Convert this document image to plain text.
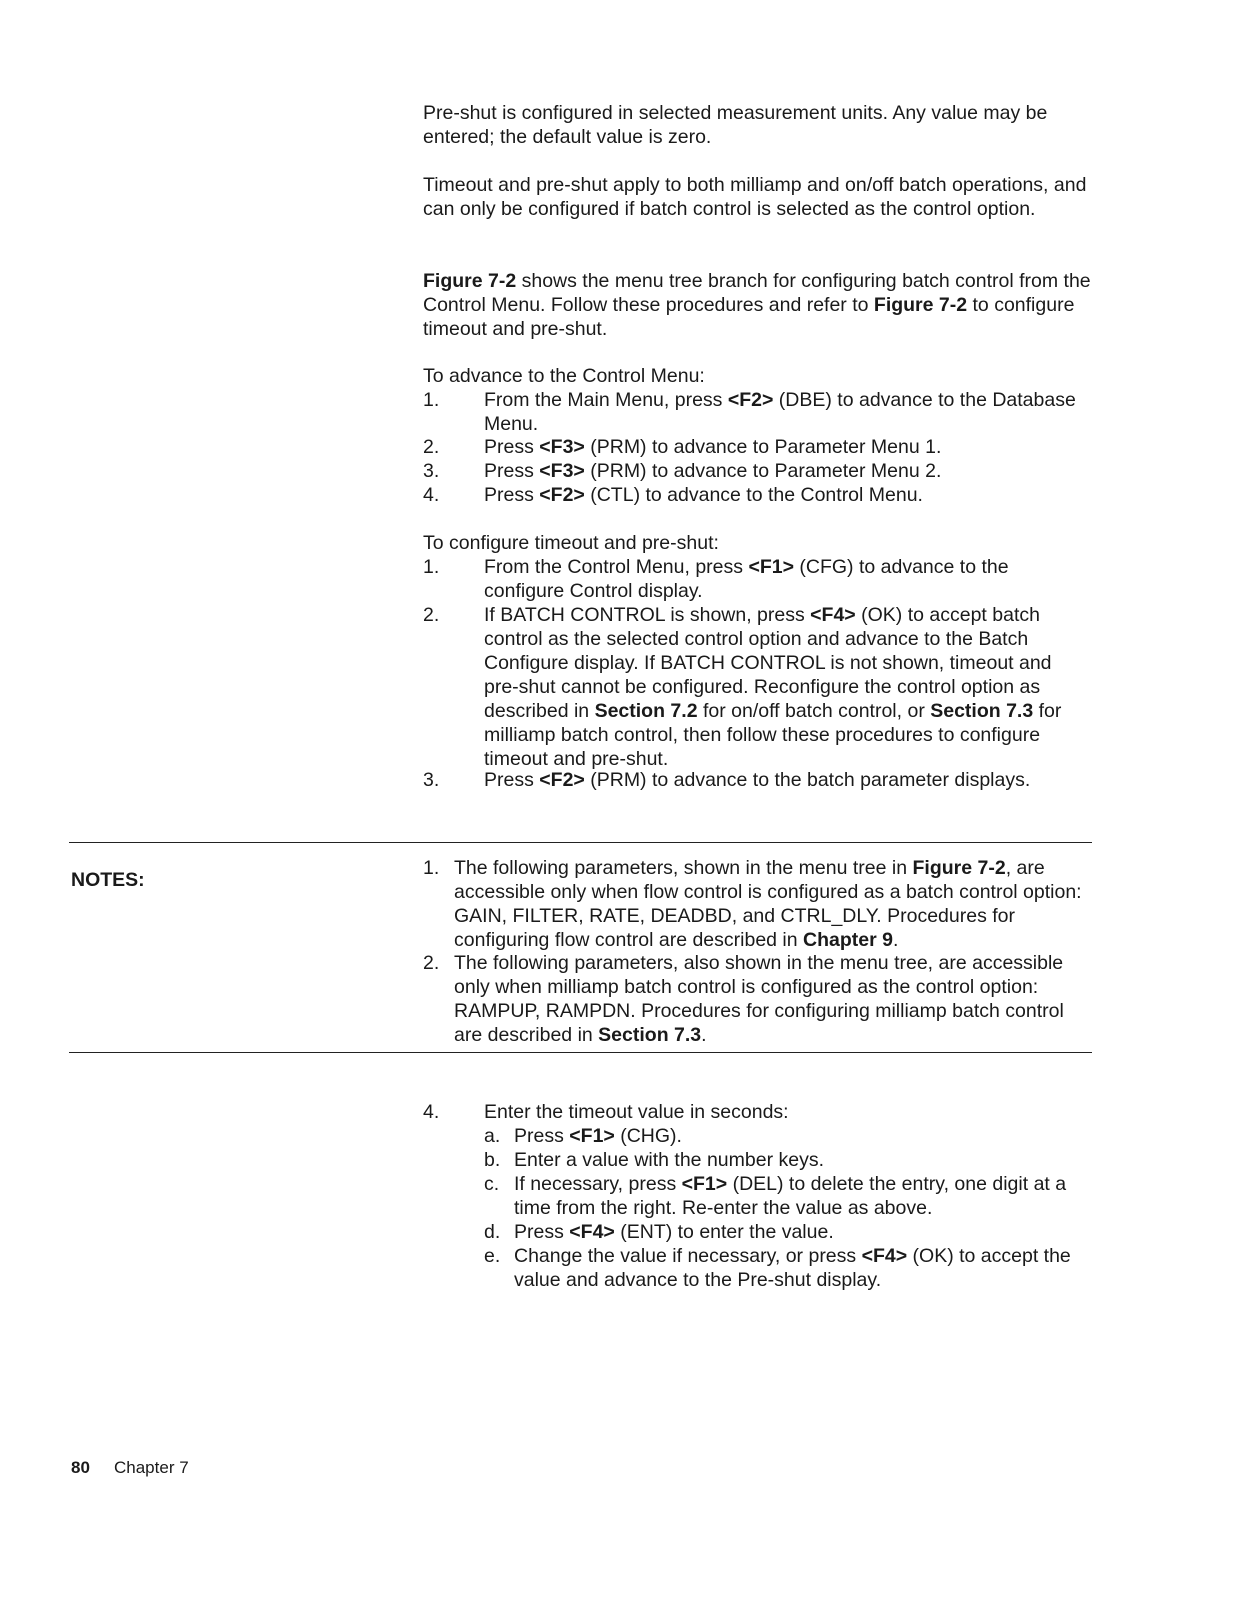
Pre-shut is configured in selected measurement units. Any value may be entered; the default value is zero.

Timeout and pre-shut apply to both milliamp and on/off batch operations, and can only be configured if batch control is selected as the control option.

Figure 7-2 shows the menu tree branch for configuring batch control from the Control Menu. Follow these procedures and refer to Figure 7-2 to configure timeout and pre-shut.

To advance to the Control Menu:

1. From the Main Menu, press <F2> (DBE) to advance to the Database Menu.
2. Press <F3> (PRM) to advance to Parameter Menu 1.
3. Press <F3> (PRM) to advance to Parameter Menu 2.
4. Press <F2> (CTL) to advance to the Control Menu.

To configure timeout and pre-shut:

1. From the Control Menu, press <F1> (CFG) to advance to the configure Control display.
2. If BATCH CONTROL is shown, press <F4> (OK) to accept batch control as the selected control option and advance to the Batch Configure display. If BATCH CONTROL is not shown, timeout and pre-shut cannot be configured. Reconfigure the control option as described in Section 7.2 for on/off batch control, or Section 7.3 for milliamp batch control, then follow these procedures to configure timeout and pre-shut.
3. Press <F2> (PRM) to advance to the batch parameter displays.
NOTES:
1. The following parameters, shown in the menu tree in Figure 7-2, are accessible only when flow control is configured as a batch control option: GAIN, FILTER, RATE, DEADBD, and CTRL_DLY. Procedures for configuring flow control are described in Chapter 9.
2. The following parameters, also shown in the menu tree, are accessible only when milliamp batch control is configured as the control option: RAMPUP, RAMPDN. Procedures for configuring milliamp batch control are described in Section 7.3.
4. Enter the timeout value in seconds:
a. Press <F1> (CHG).
b. Enter a value with the number keys.
c. If necessary, press <F1> (DEL) to delete the entry, one digit at a time from the right. Re-enter the value as above.
d. Press <F4> (ENT) to enter the value.
e. Change the value if necessary, or press <F4> (OK) to accept the value and advance to the Pre-shut display.
80 Chapter 7
